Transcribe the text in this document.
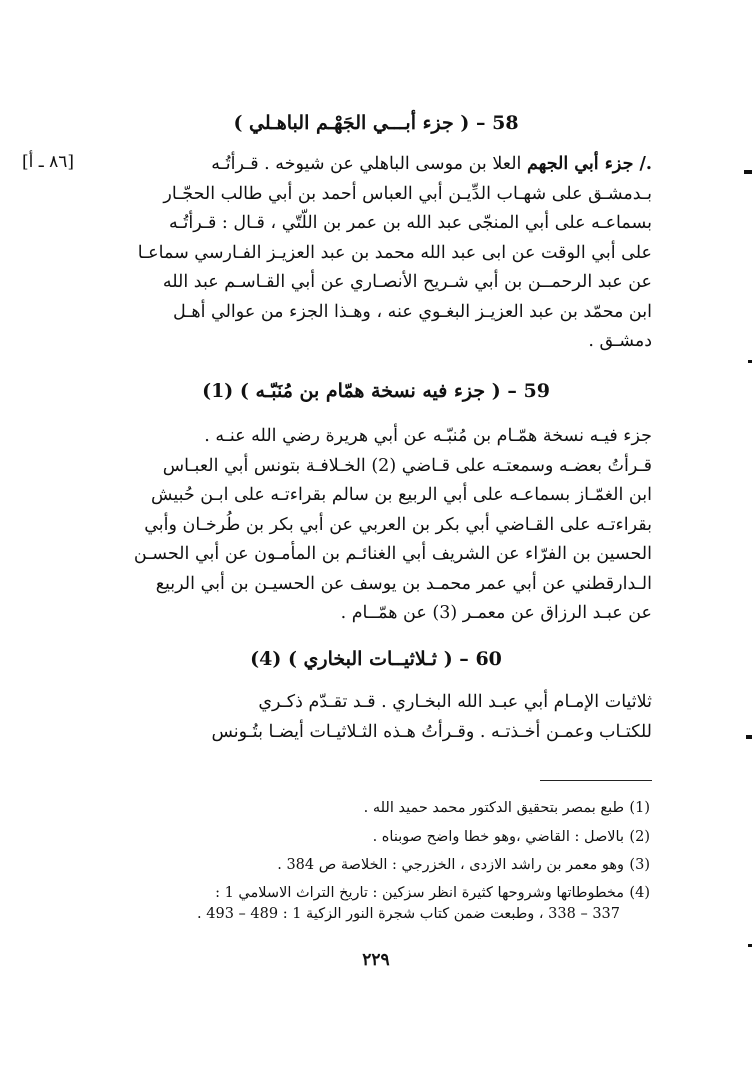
58 – ( جزء أبـــي الجَهْـم الباهـلي )
[٨٦ ـ أ]	./ جزء أبي الجهم العلا بن موسى الباهلي عن شيوخه . قـرأتُـه
بـدمشـق على شهـاب الدِّيـن أبي العباس أحمد بن أبي طالب الحجّـار
بسماعـه على أبي المنجّى عبد الله بن عمر بن اللّتّي ، قـال : قـرأتُـه
على أبي الوقت عن ابى عبد الله محمد بن عبد العزيـز الفـارسي سماعـا
عن عبد الرحمــن بن أبي شـريح الأنصـاري عن أبي القـاسـم عبد الله
ابن محمّد بن عبد العزيـز البغـوي عنه ، وهـذا الجزء من عوالي أهـل
دمشـق .
59 – ( جزء فيه نسخة همّام بن مُنَبّـه ) (1)
جزء فيـه نسخة همّـام بن مُنبّـه عن أبي هريرة رضي الله عنـه .
قـرأتُ بعضـه وسمعتـه على قـاضي (2) الخـلافـة بتونس أبي العبـاس
ابن الغمّـاز بسماعـه على أبي الربيع بن سالم بقراءتـه على ابـن حُبيش
بقراءتـه على القـاضي أبي بكر بن العربي عن أبي بكر بن طُرخـان وأبي
الحسين بن الفرّاء عن الشريف أبي الغنائـم بن المأمـون عن أبي الحسـن
الـدارقطني عن أبي عمر محمـد بن يوسف عن الحسيـن بن أبي الربيع
عن عبـد الرزاق عن معمـر (3) عن همّــام .
60 – ( ثـلاثيــات البخاري ) (4)
ثلاثيات الإمـام أبي عبـد الله البخـاري . قـد تقـدّم ذكـري
للكتـاب وعمـن أخـذتـه . وقـرأتُ هـذه الثـلاثيـات أيضـا بتُـونس
(1)طبع بمصر بتحقيق الدكتور محمد حميد الله .
(2)بالاصل : القاضي ،وهو خطا واضح صوبناه .
(3)وهو معمر بن راشد الازدى ، الخزرجي : الخلاصة ص 384 .
(4)مخطوطاتها وشروحها كثيرة انظر سزكين : تاريخ التراث الاسلامي 1 :
337 – 338 ، وطبعت ضمن كتاب شجرة النور الزكية 1 : 489 – 493 .
٢٢٩
